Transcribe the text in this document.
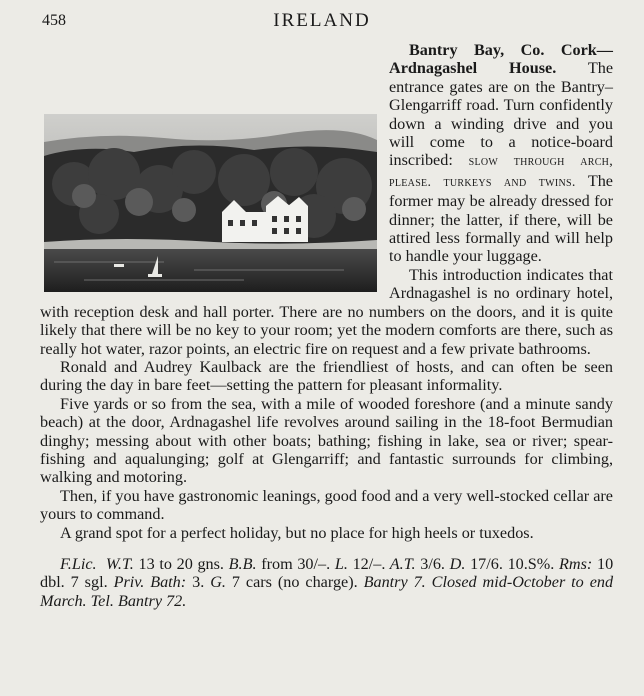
458	IRELAND

Bantry Bay, Co. Cork—Ardnagashel House. The entrance gates are on the Bantry–Glengarriff road. Turn confidently down a winding drive and you will come to a notice-board inscribed: slow through arch, please. turkeys and twins. The former may be already dressed for dinner; the latter, if there, will be attired less formally and will help to handle your luggage.

This introduction indicates that Ardnagashel is no ordinary hotel, with reception desk and hall porter. There are no numbers on the doors, and it is quite likely that there will be no key to your room; yet the modern comforts are there, such as really hot water, razor points, an electric fire on request and a few private bathrooms.

Ronald and Audrey Kaulback are the friendliest of hosts, and can often be seen during the day in bare feet—setting the pattern for pleasant informality.

Five yards or so from the sea, with a mile of wooded foreshore (and a minute sandy beach) at the door, Ardnagashel life revolves around sailing in the 18-foot Bermudian dinghy; messing about with other boats; bathing; fishing in lake, sea or river; spear-fishing and aqualunging; golf at Glengarriff; and fantastic surrounds for climbing, walking and motoring.

Then, if you have gastronomic leanings, good food and a very well-stocked cellar are yours to command.

A grand spot for a perfect holiday, but no place for high heels or tuxedos.

F.Lic. W.T. 13 to 20 gns. B.B. from 30/–. L. 12/–. A.T. 3/6. D. 17/6. 10.S%. Rms: 10 dbl. 7 sgl. Priv. Bath: 3. G. 7 cars (no charge). Bantry 7. Closed mid-October to end March. Tel. Bantry 72.
